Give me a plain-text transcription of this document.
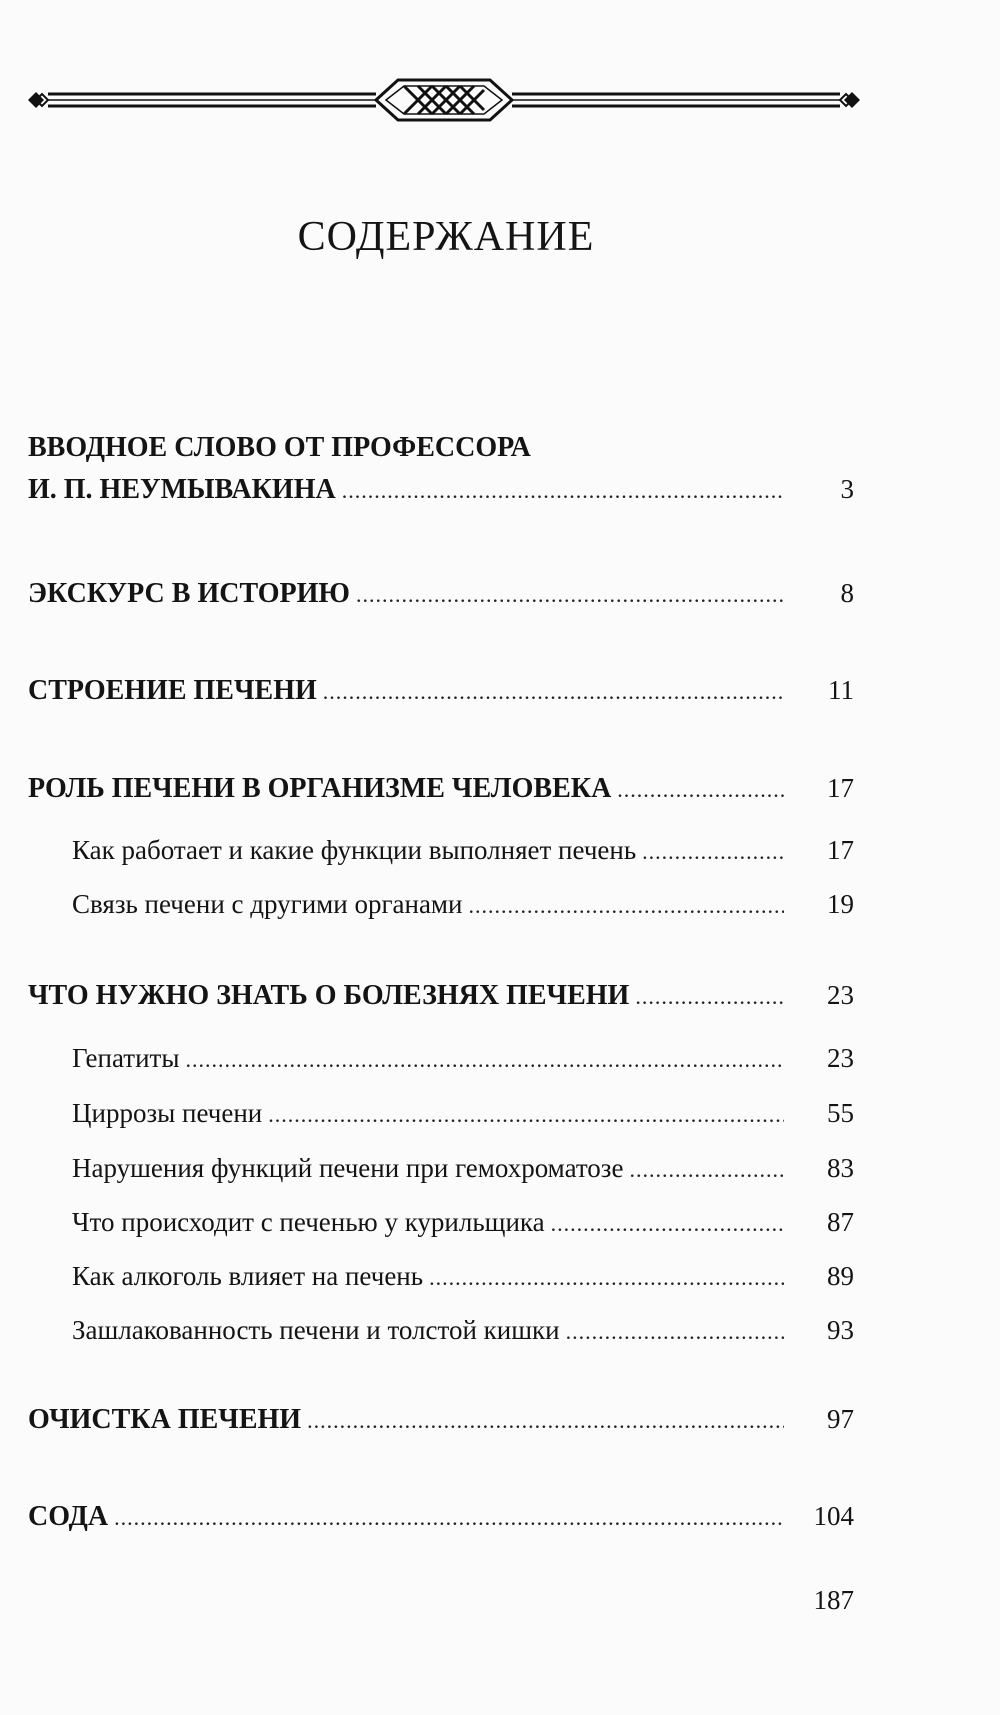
СОДЕРЖАНИЕ
ВВОДНОЕ СЛОВО ОТ ПРОФЕССОРА
И. П. НЕУМЫВАКИНА .....	3
ЭКСКУРС В ИСТОРИЮ .....	8
СТРОЕНИЕ ПЕЧЕНИ .....	11
РОЛЬ ПЕЧЕНИ В ОРГАНИЗМЕ ЧЕЛОВЕКА .....	17
Как работает и какие функции выполняет печень .....	17
Связь печени с другими органами .....	19
ЧТО НУЖНО ЗНАТЬ О БОЛЕЗНЯХ ПЕЧЕНИ .....	23
Гепатиты .....	23
Циррозы печени .....	55
Нарушения функций печени при гемохроматозе .....	83
Что происходит с печенью у курильщика .....	87
Как алкоголь влияет на печень .....	89
Зашлакованность печени и толстой кишки .....	93
ОЧИСТКА ПЕЧЕНИ .....	97
СОДА .....	104
187
